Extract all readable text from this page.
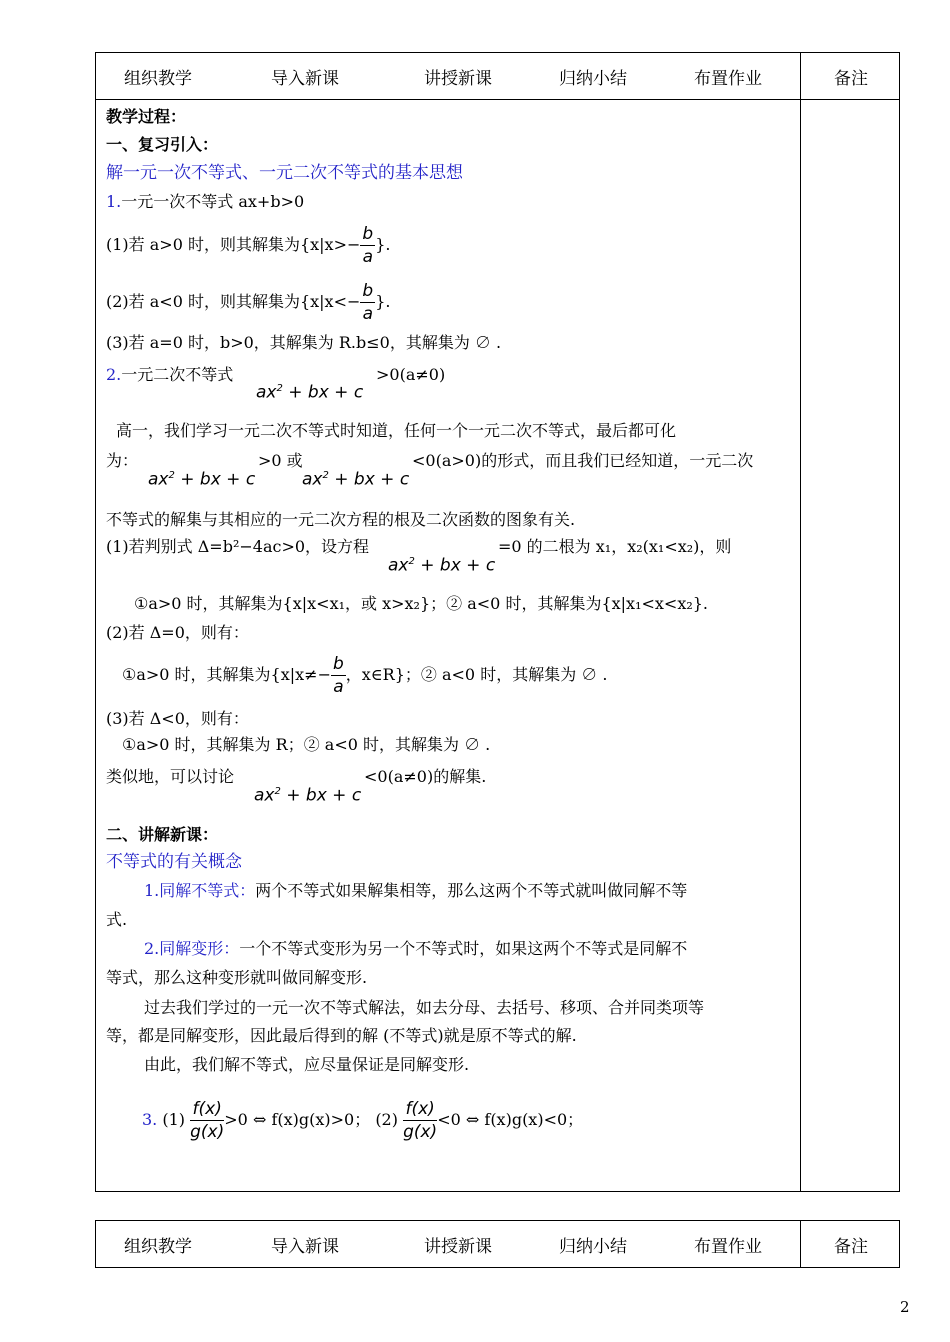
组织教学	导入新课	讲授新课	归纳小结	布置作业	备注
教学过程：
一、复习引入：
解一元一次不等式、一元二次不等式的基本思想
1.一元一次不等式 ax+b>0
(1)若 a>0 时，则其解集为{$x|x>- \frac{b}{a}$ }.
(2)若 a<0 时，则其解集为{$x|x<- \frac{b}{a}$ }.
(3)若 a=0 时，b>0，其解集为 R.b≤0，其解集为 ∅ .
2.一元二次不等式
$ax^2$ + bx + c
>0(a≠0)
高一，我们学习一元二次不等式时知道，任何一个一元二次不等式，最后都可化
为：
$ax^2$ + bx + c
>0 或
$ax^2$ + bx + c
<0(a>0)的形式，而且我们已经知道，一元二次
不等式的解集与其相应的一元二次方程的根及二次函数的图象有关.
(1)若判别式 Δ=b²−4ac>0，设方程
$ax^2$ + bx + c
=0 的二根为 x₁，x₂(x₁<x₂)，则
①a>0 时，其解集为{x|x<x₁，或 x>x₂}；② a<0 时，其解集为{x|x₁<x<x₂}.
(2)若 Δ=0，则有：
①a>0 时，其解集为{$x|x\ne- \frac{b}{a}$ ，x∈R}；② a<0 时，其解集为 ∅ .
(3)若 Δ<0，则有：
①a>0 时，其解集为 R；② a<0 时，其解集为 ∅ .
类似地，可以讨论
$ax^2$ + bx + c
<0(a≠0)的解集.
二、讲解新课：
不等式的有关概念
1.同解不等式：两个不等式如果解集相等，那么这两个不等式就叫做同解不等
式.
2.同解变形：一个不等式变形为另一个不等式时，如果这两个不等式是同解不
等式，那么这种变形就叫做同解变形.
过去我们学过的一元一次不等式解法，如去分母、去括号、移项、合并同类项等
等，都是同解变形，因此最后得到的解 (不等式)就是原不等式的解.
由此，我们解不等式，应尽量保证是同解变形.
3. $(1) \frac{f(x)}{g(x)} >0$ ⇔ f(x)g(x)>0； $(2) \frac{f(x)}{g(x)} <0$ ⇔ f(x)g(x)<0；
组织教学	导入新课	讲授新课	归纳小结	布置作业	备注
2
